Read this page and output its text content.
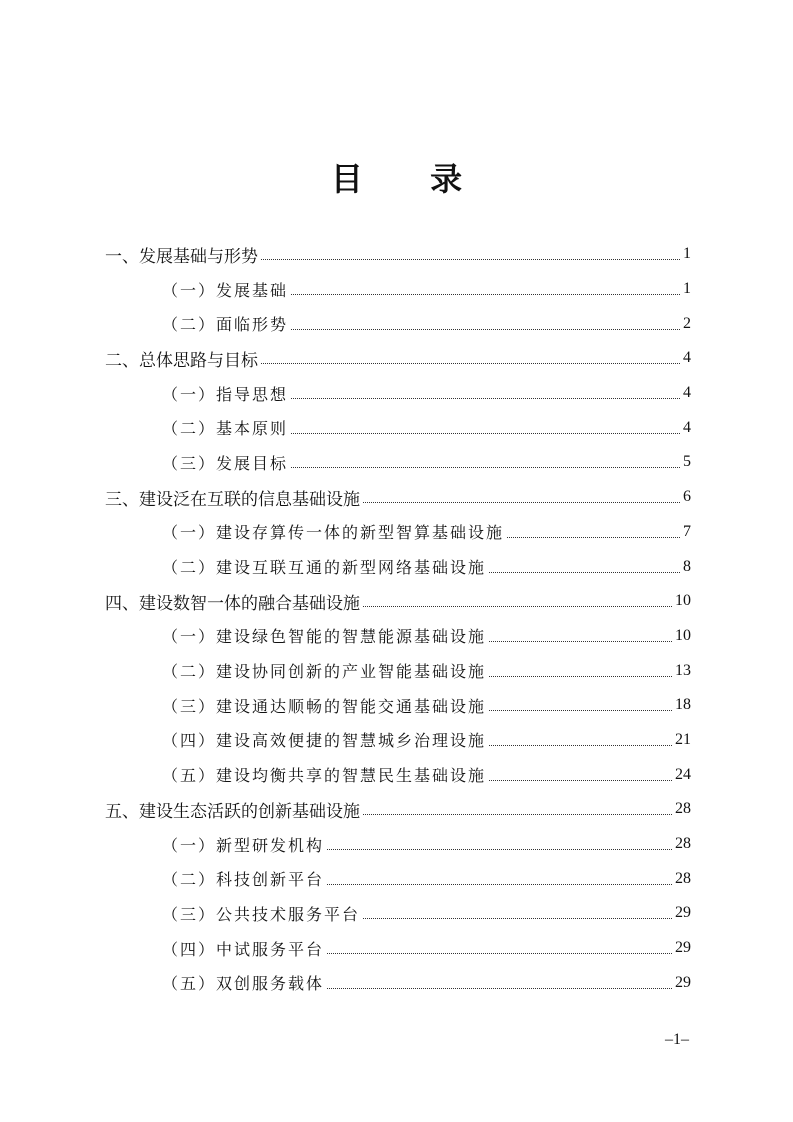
目 录
一、发展基础与形势	1
（一）发展基础	1
（二）面临形势	2
二、总体思路与目标	4
（一）指导思想	4
（二）基本原则	4
（三）发展目标	5
三、建设泛在互联的信息基础设施	6
（一）建设存算传一体的新型智算基础设施	7
（二）建设互联互通的新型网络基础设施	8
四、建设数智一体的融合基础设施	10
（一）建设绿色智能的智慧能源基础设施	10
（二）建设协同创新的产业智能基础设施	13
（三）建设通达顺畅的智能交通基础设施	18
（四）建设高效便捷的智慧城乡治理设施	21
（五）建设均衡共享的智慧民生基础设施	24
五、建设生态活跃的创新基础设施	28
（一）新型研发机构	28
（二）科技创新平台	28
（三）公共技术服务平台	29
（四）中试服务平台	29
（五）双创服务载体	29
–1–
